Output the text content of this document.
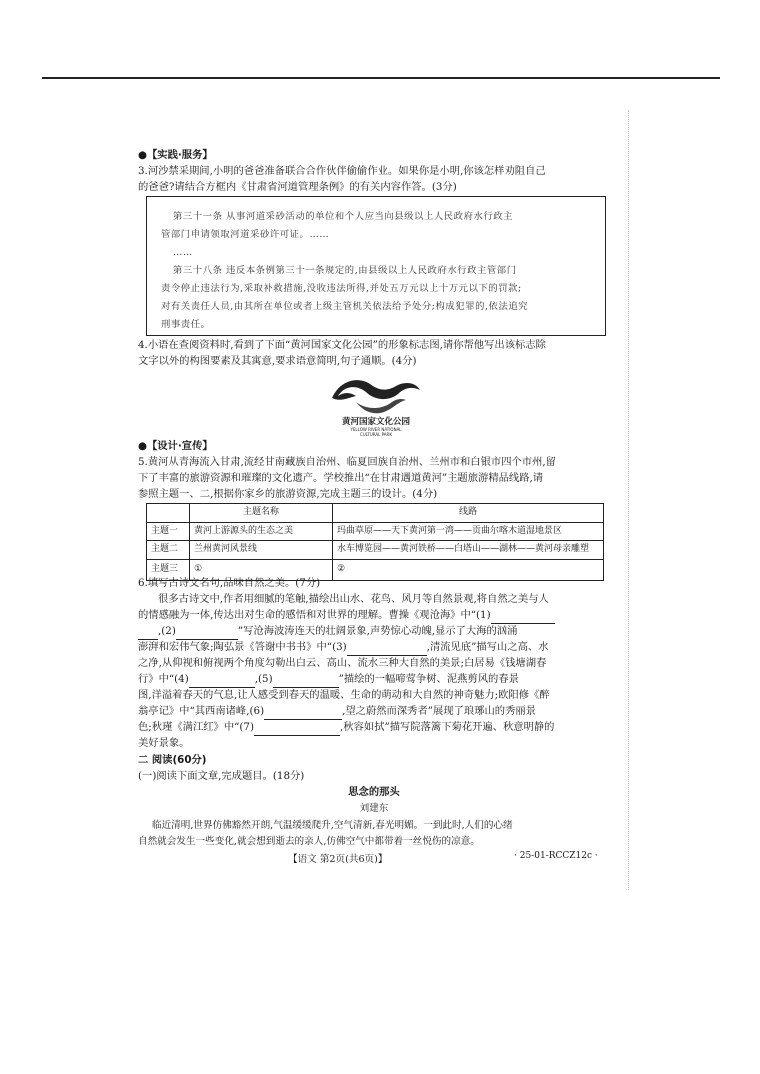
●【实践·服务】
3.河沙禁采期间,小明的爸爸准备联合合作伙伴偷偷作业。如果你是小明,你该怎样劝阻自己
的爸爸?请结合方框内《甘肃省河道管理条例》的有关内容作答。(3分)
第三十一条 从事河道采砂活动的单位和个人应当向县级以上人民政府水行政主
管部门申请领取河道采砂许可证。……
……
第三十八条 违反本条例第三十一条规定的,由县级以上人民政府水行政主管部门
责令停止违法行为,采取补救措施,没收违法所得,并处五万元以上十万元以下的罚款;
对有关责任人员,由其所在单位或者上级主管机关依法给予处分;构成犯罪的,依法追究
刑事责任。
4.小语在查阅资料时,看到了下面“黄河国家文化公园”的形象标志图,请你帮他写出该标志除
文字以外的构图要素及其寓意,要求语意简明,句子通顺。(4分)
黄河国家文化公园
YELLOW RIVER NATIONAL
CULTURAL PARK
●【设计·宣传】
5.黄河从青海流入甘肃,流经甘南藏族自治州、临夏回族自治州、兰州市和白银市四个市州,留
下了丰富的旅游资源和璀璨的文化遗产。学校推出“在甘肃遇道黄河”主题旅游精品线路,请
参照主题一、二,根据你家乡的旅游资源,完成主题三的设计。(4分)
	主题名称	线路
主题一	黄河上游源头的生态之美	玛曲草原——天下黄河第一湾——贡曲尔喀木道湿地景区
主题二	兰州黄河风景线	水车博览园——黄河铁桥——白塔山——湖林——黄河母亲雕塑
主题三	①	②
6.填写古诗文名句,品味自然之美。(7分)
很多古诗文中,作者用细腻的笔触,描绘出山水、花鸟、风月等自然景观,将自然之美与人
的情感融为一体,传达出对生命的感悟和对世界的理解。曹操《观沧海》中“(1)
,(2)	”写沧海波涛连天的壮阔景象,声势惊心动魄,显示了大海的汹涌
澎湃和宏伟气象;陶弘景《答谢中书书》中“(3)	,清流见底”描写山之高、水
之净,从仰视和俯视两个角度勾勒出白云、高山、流水三种大自然的美景;白居易《钱塘湖春
行》中“(4)	,(5)	”描绘的一幅啼莺争树、泥燕剪风的春景
图,洋溢着春天的气息,让人感受到春天的温暖、生命的萌动和大自然的神奇魅力;欧阳修《醉
翁亭记》中“其西南诸峰,(6)	,望之蔚然而深秀者”展现了琅琊山的秀丽景
色;秋瑾《满江红》中“(7)	,秋容如拭”描写院落篱下菊花开遍、秋意明静的
美好景象。
二 阅读(60分)
(一)阅读下面文章,完成题目。(18分)
思念的那头
刘建东
临近清明,世界仿佛豁然开朗,气温缓缓爬升,空气清新,春光明媚。一到此时,人们的心绪
自然就会发生一些变化,就会想到逝去的亲人,仿佛空气中都带着一丝悦伤的凉意。
【语文 第2页(共6页)】	· 25-01-RCCZ12c ·
